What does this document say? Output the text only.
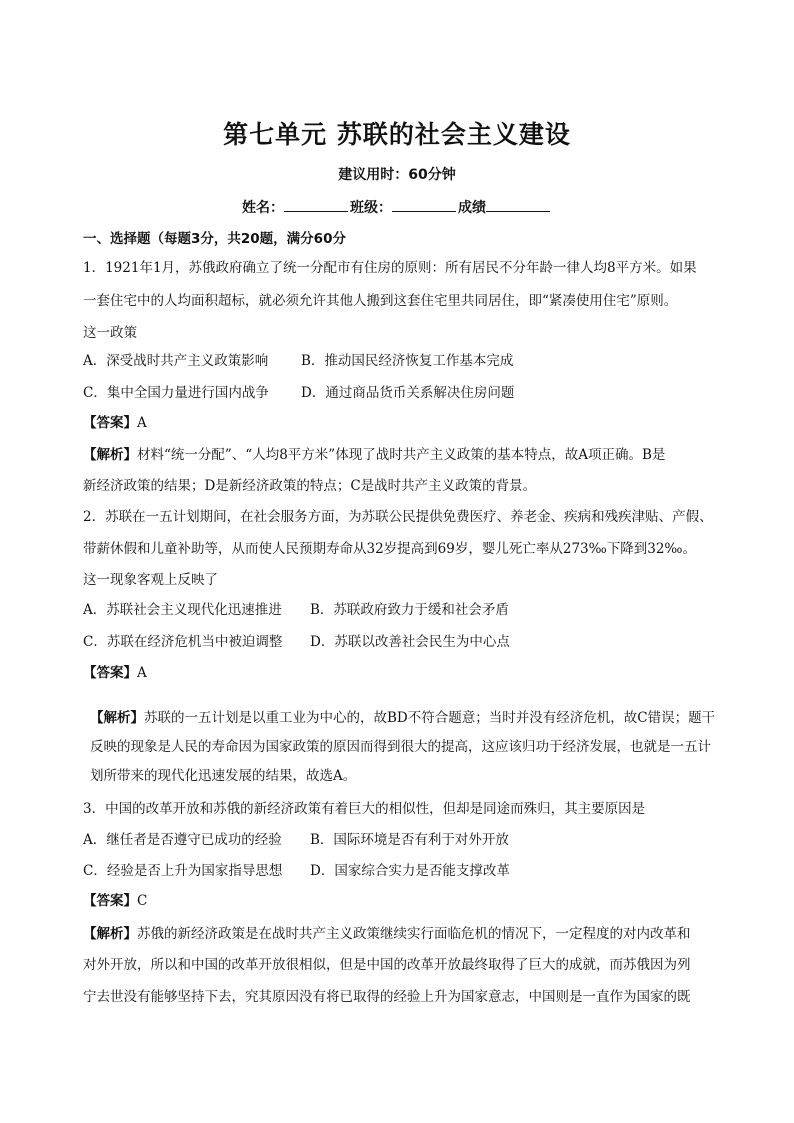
第七单元 苏联的社会主义建设
建议用时：60分钟
姓名：	班级：	成绩
一、选择题（每题3分，共20题，满分60分
1．1921年1月，苏俄政府确立了统一分配市有住房的原则：所有居民不分年龄一律人均8平方米。如果
一套住宅中的人均面积超标，就必须允许其他人搬到这套住宅里共同居住，即“紧凑使用住宅”原则。
这一政策
A．深受战时共产主义政策影响 B．推动国民经济恢复工作基本完成
C．集中全国力量进行国内战争 D．通过商品货币关系解决住房问题
【答案】A
【解析】材料“统一分配”、“人均8平方米”体现了战时共产主义政策的基本特点，故A项正确。B是
新经济政策的结果；D是新经济政策的特点；C是战时共产主义政策的背景。
2．苏联在一五计划期间，在社会服务方面，为苏联公民提供免费医疗、养老金、疾病和残疾津贴、产假、
带薪休假和儿童补助等，从而使人民预期寿命从32岁提高到69岁，婴儿死亡率从273‰下降到32‰。
这一现象客观上反映了
A．苏联社会主义现代化迅速推进 B．苏联政府致力于缓和社会矛盾
C．苏联在经济危机当中被迫调整 D．苏联以改善社会民生为中心点
【答案】A
【解析】苏联的一五计划是以重工业为中心的，故BD不符合题意；当时并没有经济危机，故C错误；题干
反映的现象是人民的寿命因为国家政策的原因而得到很大的提高，这应该归功于经济发展，也就是一五计
划所带来的现代化迅速发展的结果，故选A。
3．中国的改革开放和苏俄的新经济政策有着巨大的相似性，但却是同途而殊归，其主要原因是
A．继任者是否遵守已成功的经验 B．国际环境是否有利于对外开放
C．经验是否上升为国家指导思想 D．国家综合实力是否能支撑改革
【答案】C
【解析】苏俄的新经济政策是在战时共产主义政策继续实行面临危机的情况下，一定程度的对内改革和
对外开放，所以和中国的改革开放很相似，但是中国的改革开放最终取得了巨大的成就，而苏俄因为列
宁去世没有能够坚持下去，究其原因没有将已取得的经验上升为国家意志，中国则是一直作为国家的既
